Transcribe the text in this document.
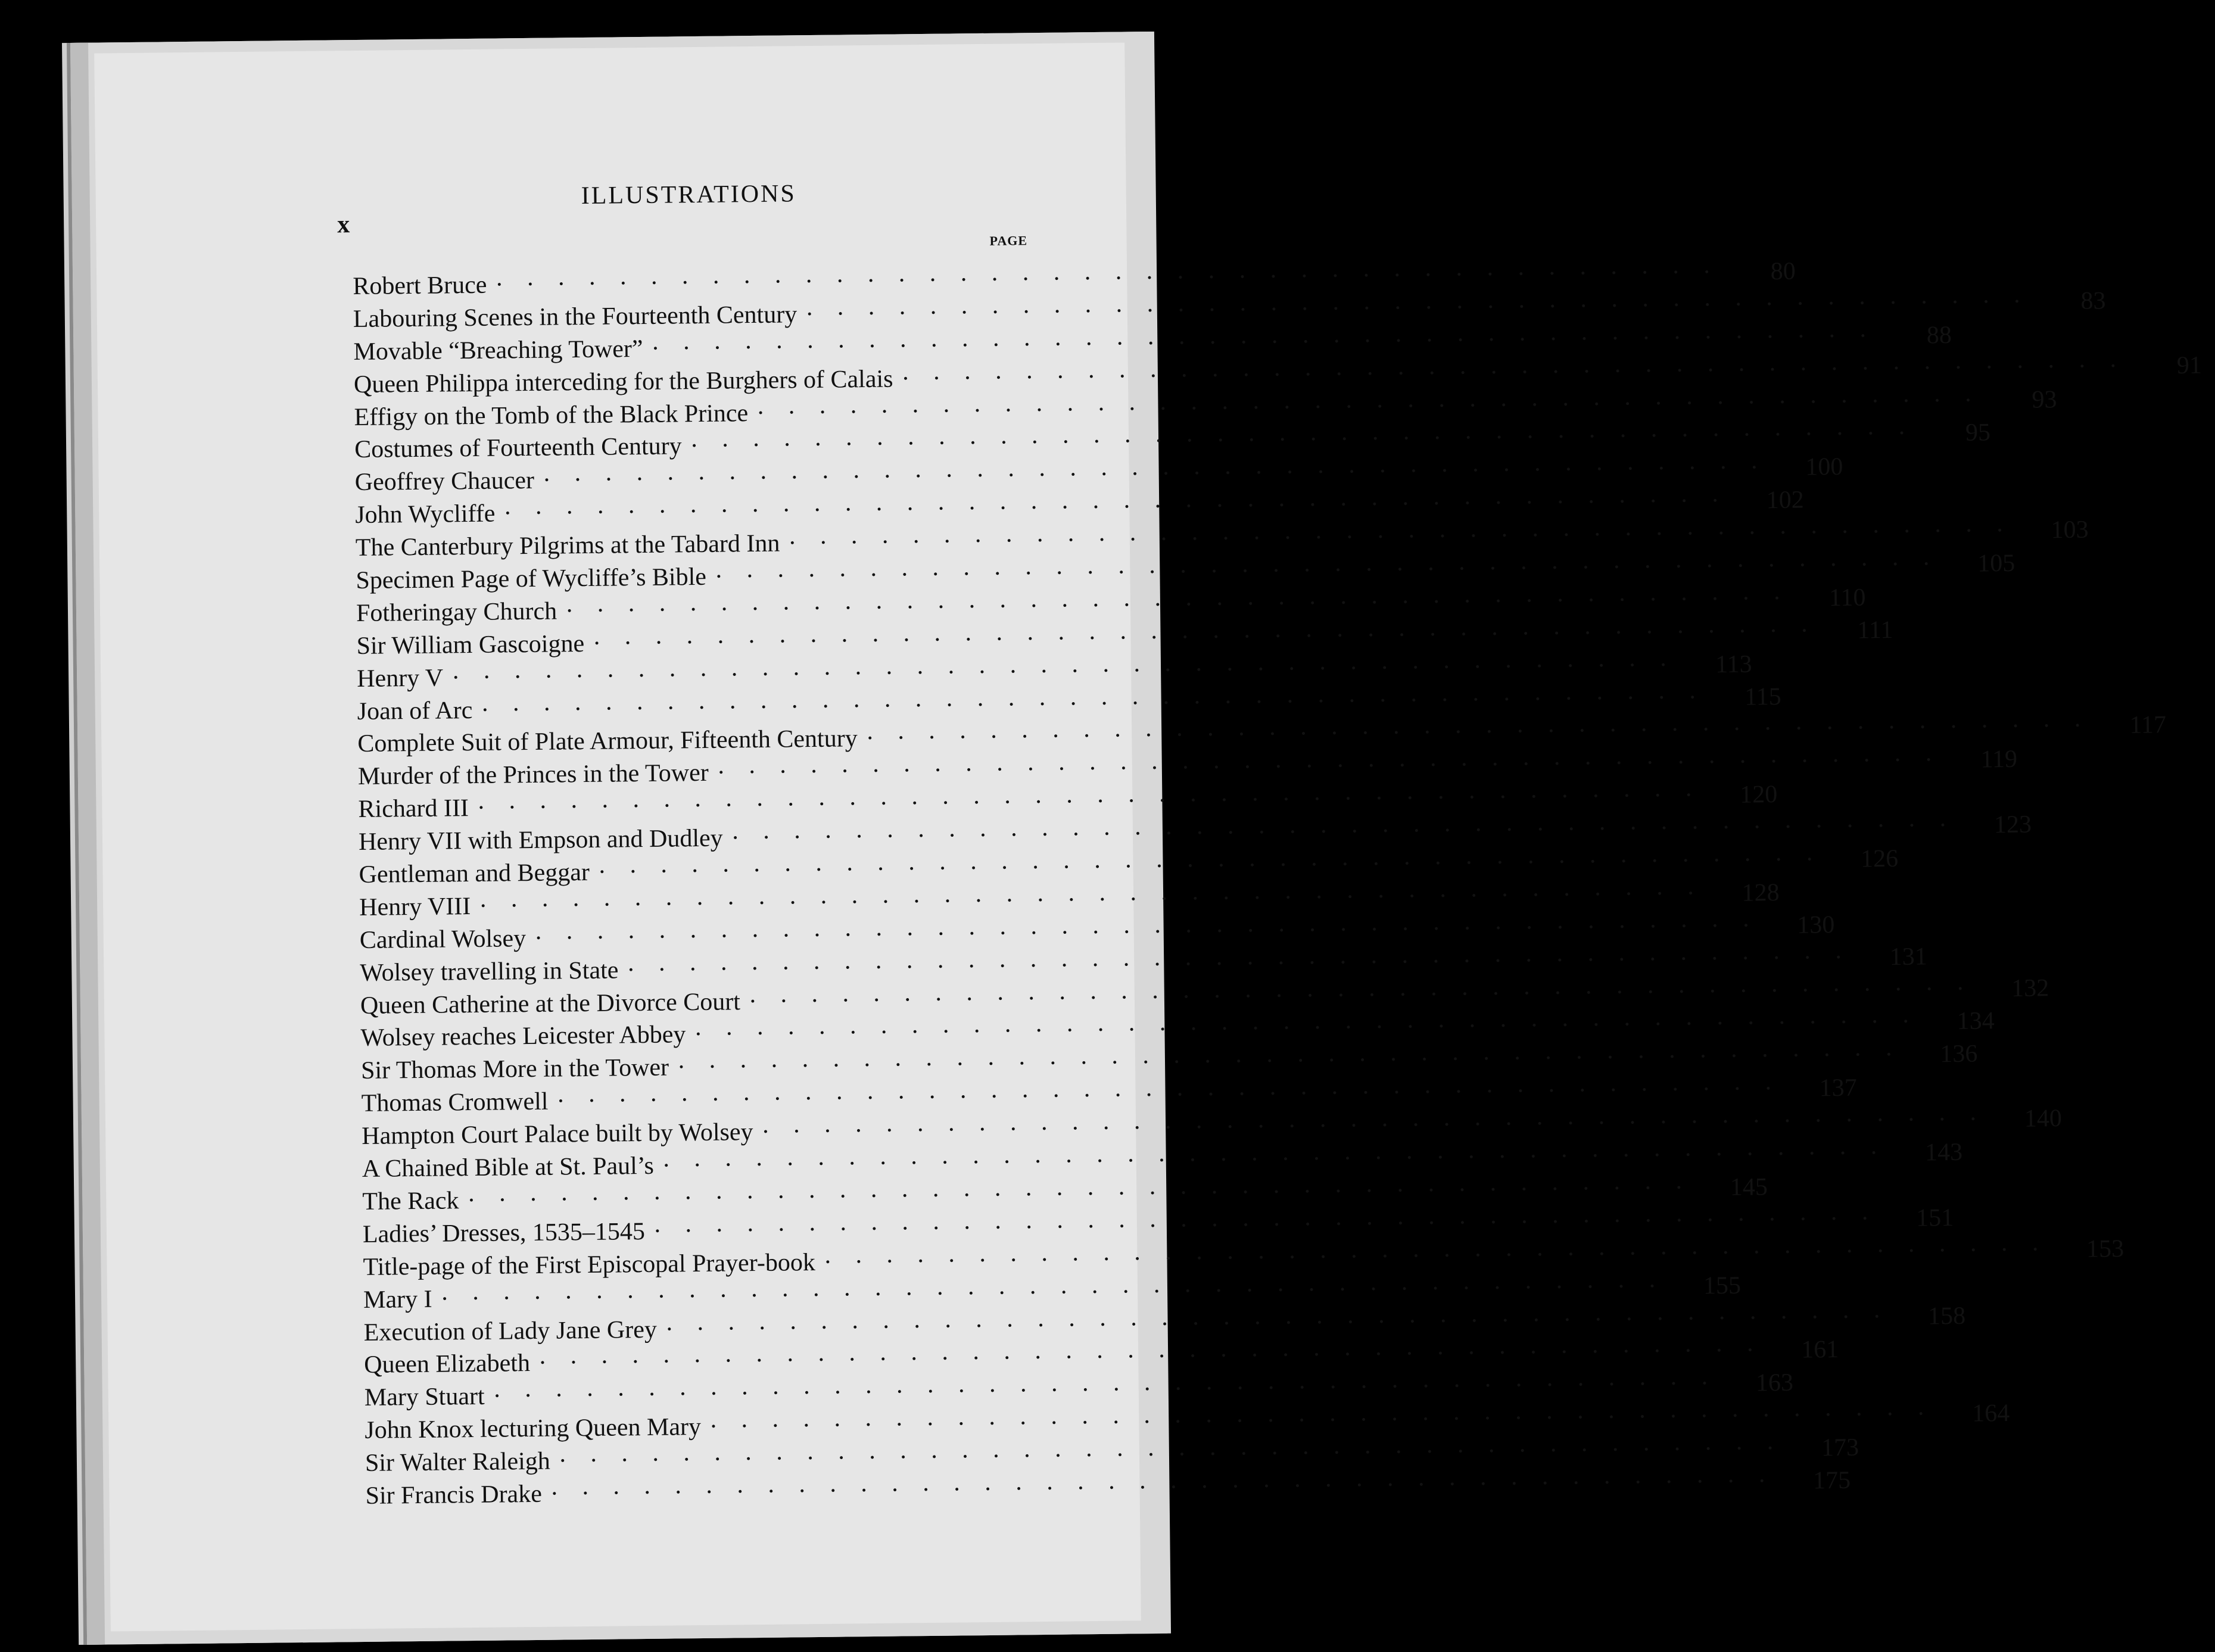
x
ILLUSTRATIONS
PAGE
Robert Bruce ········································	80
Labouring Scenes in the Fourteenth Century ········································	83
Movable “Breaching Tower” ········································	88
Queen Philippa interceding for the Burghers of Calais ········································	91
Effigy on the Tomb of the Black Prince ········································	93
Costumes of Fourteenth Century ········································	95
Geoffrey Chaucer ········································ 100
John Wycliffe ········································ 102
The Canterbury Pilgrims at the Tabard Inn ········································ 103
Specimen Page of Wycliffe’s Bible ········································ 105
Fotheringay Church ········································	110
Sir William Gascoigne ········································	111
Henry V ········································	113
Joan of Arc ········································	115
Complete Suit of Plate Armour, Fifteenth Century ········································	117
Murder of the Princes in the Tower ········································	119
Richard III ········································ 120
Henry VII with Empson and Dudley ········································ 123
Gentleman and Beggar ········································ 126
Henry VIII ········································ 128
Cardinal Wolsey ········································ 130
Wolsey travelling in State ········································ 131
Queen Catherine at the Divorce Court ········································ 132
Wolsey reaches Leicester Abbey ········································ 134
Sir Thomas More in the Tower ········································ 136
Thomas Cromwell ········································ 137
Hampton Court Palace built by Wolsey ········································ 140
A Chained Bible at St. Paul’s ········································ 143
The Rack ········································ 145
Ladies’ Dresses, 1535–1545 ········································ 151
Title-page of the First Episcopal Prayer-book ········································ 153
Mary I ········································ 155
Execution of Lady Jane Grey ········································ 158
Queen Elizabeth ········································ 161
Mary Stuart ········································ 163
John Knox lecturing Queen Mary ········································ 164
Sir Walter Raleigh ········································ 173
Sir Francis Drake ········································ 175
